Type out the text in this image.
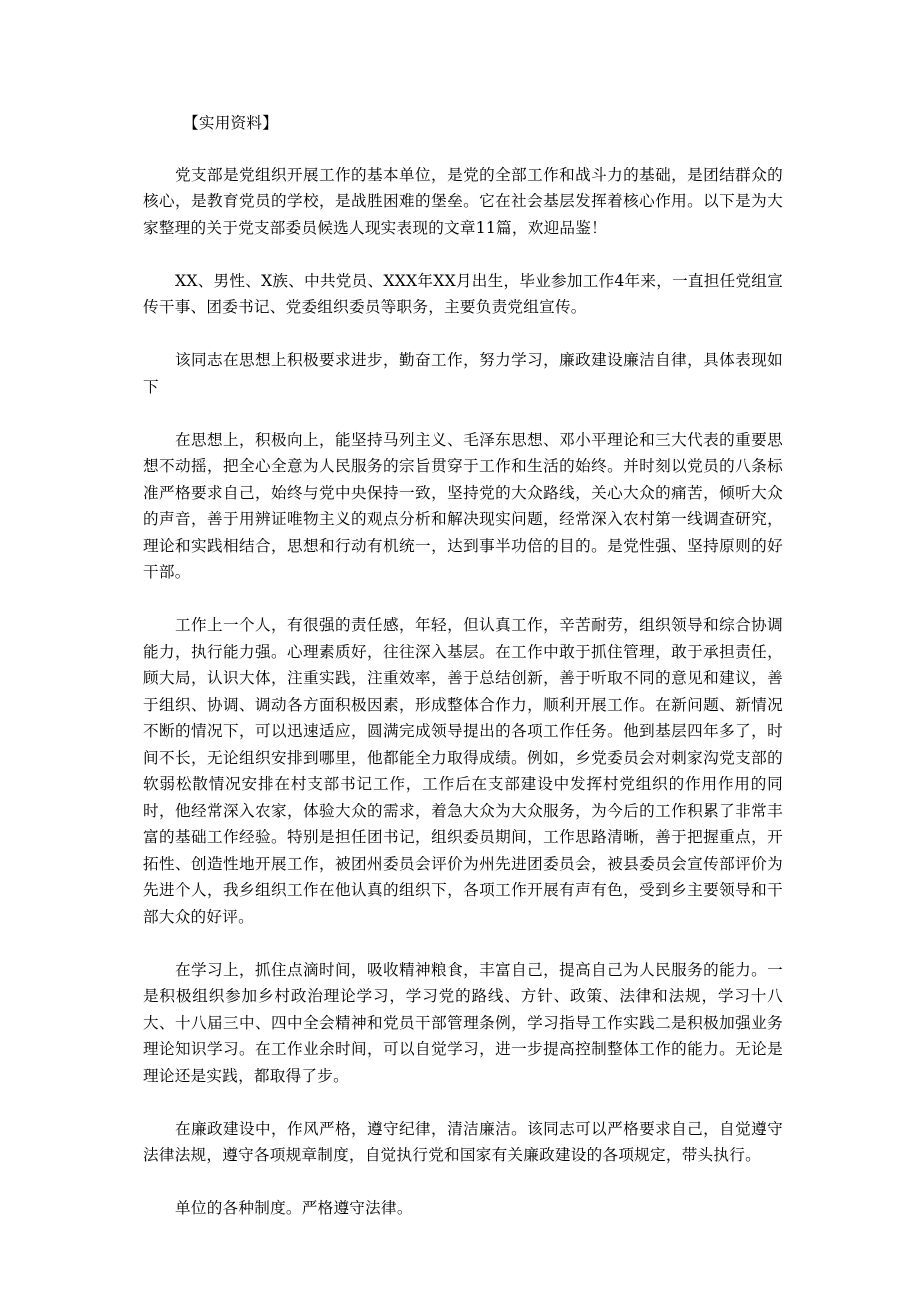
【实用资料】

党支部是党组织开展工作的基本单位，是党的全部工作和战斗力的基础，是团结群众的核心，是教育党员的学校，是战胜困难的堡垒。它在社会基层发挥着核心作用。以下是为大家整理的关于党支部委员候选人现实表现的文章11篇，欢迎品鉴！

XX、男性、X族、中共党员、XXX年XX月出生，毕业参加工作4年来，一直担任党组宣传干事、团委书记、党委组织委员等职务，主要负责党组宣传。

该同志在思想上积极要求进步，勤奋工作，努力学习，廉政建设廉洁自律，具体表现如下

在思想上，积极向上，能坚持马列主义、毛泽东思想、邓小平理论和三大代表的重要思想不动摇，把全心全意为人民服务的宗旨贯穿于工作和生活的始终。并时刻以党员的八条标准严格要求自己，始终与党中央保持一致，坚持党的大众路线，关心大众的痛苦，倾听大众的声音，善于用辨证唯物主义的观点分析和解决现实问题，经常深入农村第一线调查研究，理论和实践相结合，思想和行动有机统一，达到事半功倍的目的。是党性强、坚持原则的好干部。

工作上一个人，有很强的责任感，年轻，但认真工作，辛苦耐劳，组织领导和综合协调能力，执行能力强。心理素质好，往往深入基层。在工作中敢于抓住管理，敢于承担责任，顾大局，认识大体，注重实践，注重效率，善于总结创新，善于听取不同的意见和建议，善于组织、协调、调动各方面积极因素，形成整体合作力，顺利开展工作。在新问题、新情况不断的情况下，可以迅速适应，圆满完成领导提出的各项工作任务。他到基层四年多了，时间不长，无论组织安排到哪里，他都能全力取得成绩。例如，乡党委员会对刺家沟党支部的软弱松散情况安排在村支部书记工作，工作后在支部建设中发挥村党组织的作用作用的同时，他经常深入农家，体验大众的需求，着急大众为大众服务，为今后的工作积累了非常丰富的基础工作经验。特别是担任团书记，组织委员期间，工作思路清晰，善于把握重点，开拓性、创造性地开展工作，被团州委员会评价为州先进团委员会，被县委员会宣传部评价为先进个人，我乡组织工作在他认真的组织下，各项工作开展有声有色，受到乡主要领导和干部大众的好评。

在学习上，抓住点滴时间，吸收精神粮食，丰富自己，提高自己为人民服务的能力。一是积极组织参加乡村政治理论学习，学习党的路线、方针、政策、法律和法规，学习十八大、十八届三中、四中全会精神和党员干部管理条例，学习指导工作实践二是积极加强业务理论知识学习。在工作业余时间，可以自觉学习，进一步提高控制整体工作的能力。无论是理论还是实践，都取得了步。

在廉政建设中，作风严格，遵守纪律，清洁廉洁。该同志可以严格要求自己，自觉遵守法律法规，遵守各项规章制度，自觉执行党和国家有关廉政建设的各项规定，带头执行。

单位的各种制度。严格遵守法律。
